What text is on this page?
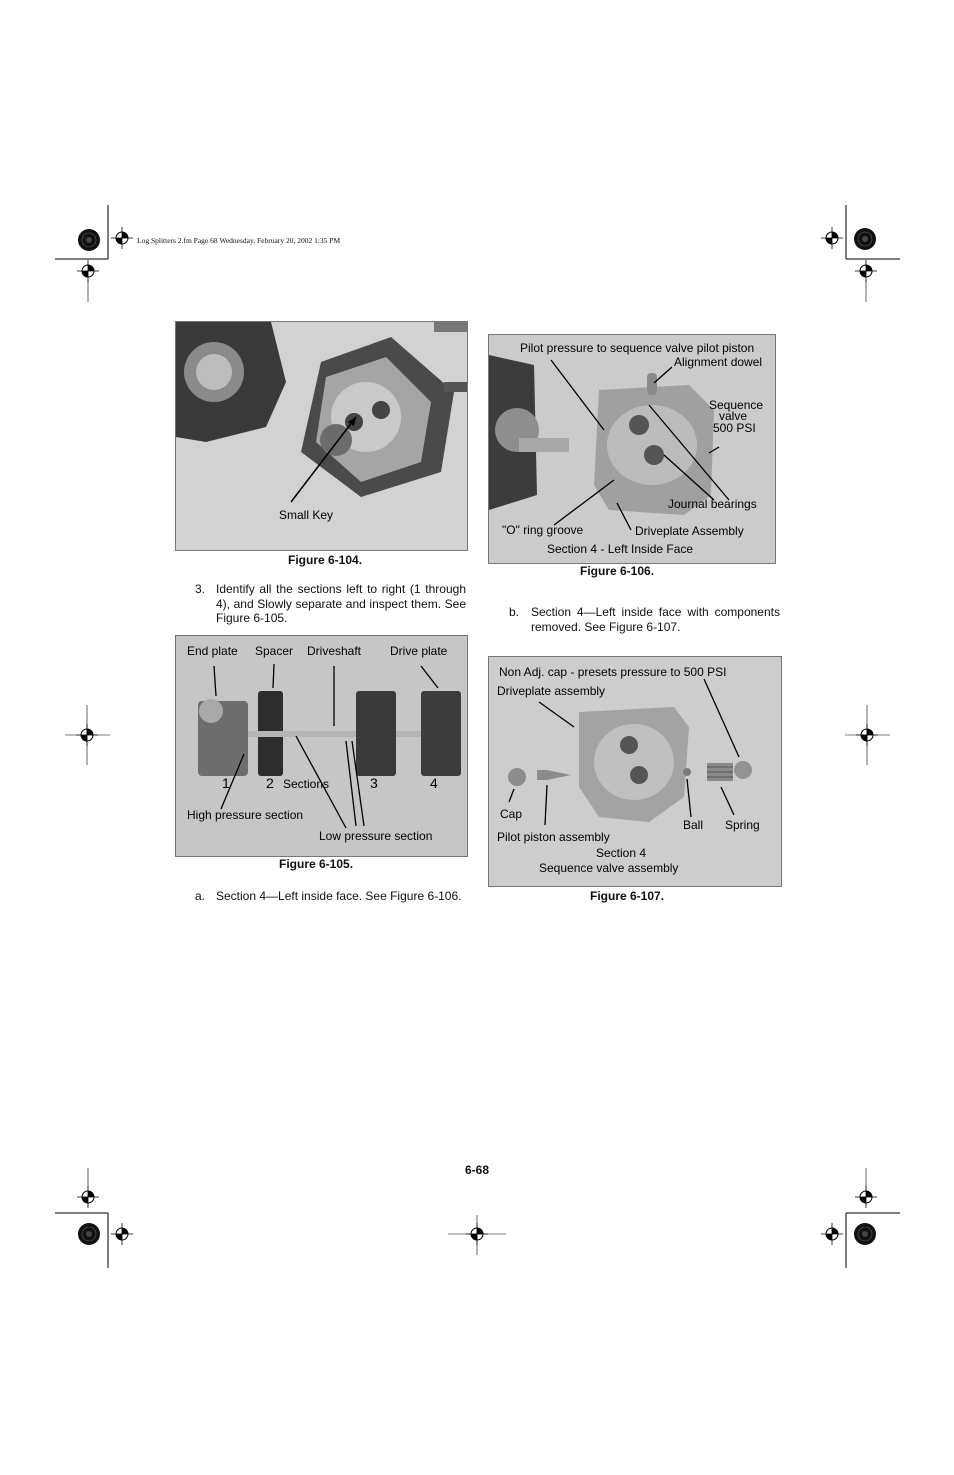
Log Splitters 2.fm Page 68 Wednesday, February 20, 2002 1:35 PM
Small Key
Figure 6-104.
3. Identify all the sections left to right (1 through 4), and Slowly separate and inspect them. See Figure 6-105.
End plate Spacer Driveshaft Drive plate
1	2 Sections	3	4
High pressure section
Low pressure section
Figure 6-105.
a. Section 4—Left inside face. See Figure 6-106.
Pilot pressure to sequence valve pilot piston
Alignment dowel
Sequence
valve
500 PSI
Journal bearings
"O" ring groove	Driveplate Assembly
Section 4 - Left Inside Face
Figure 6-106.
b. Section 4—Left inside face with components removed. See Figure 6-107.
Non Adj. cap - presets pressure to 500 PSI
Driveplate assembly
Cap
Ball Spring
Pilot piston assembly
Section 4
Sequence valve assembly
Figure 6-107.
6-68
